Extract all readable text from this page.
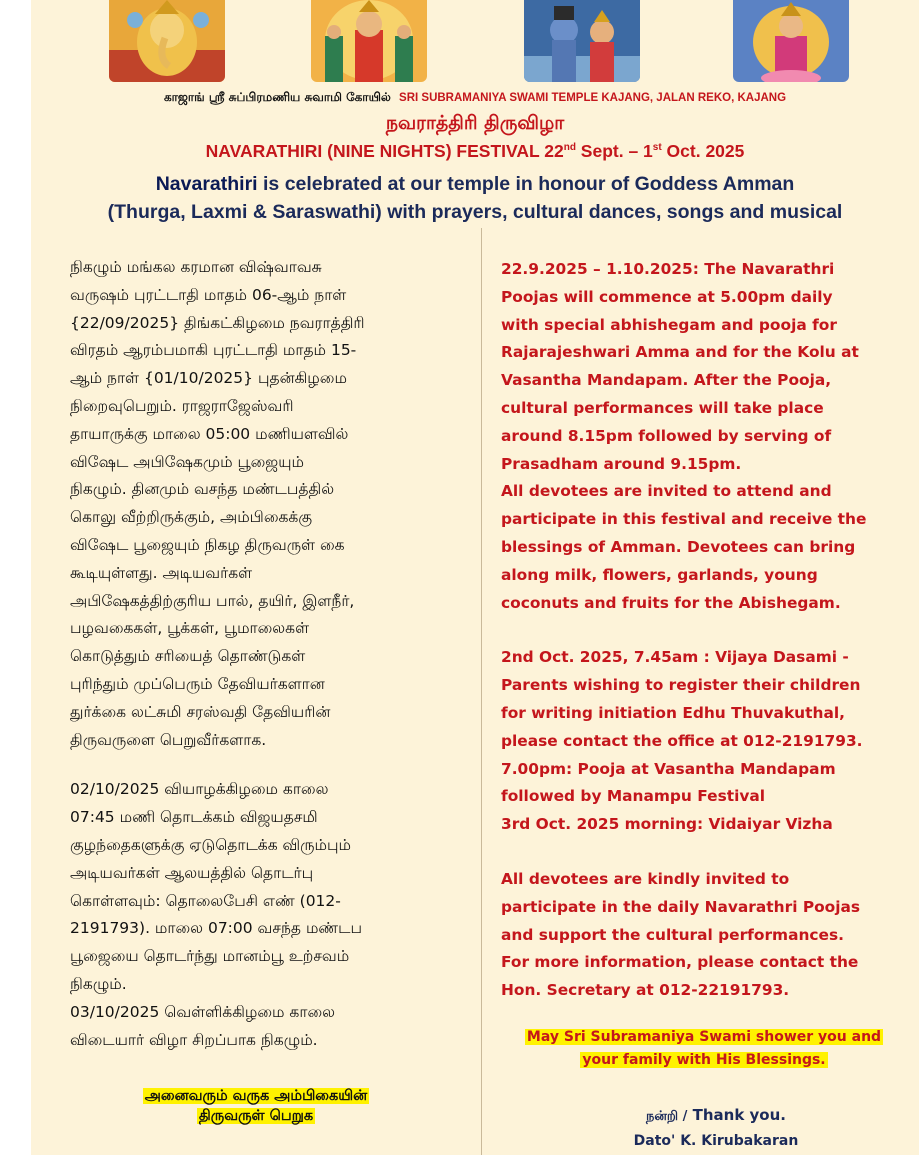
காஜாங் ஸ்ரீ சுப்பிரமணிய சுவாமி கோயில் SRI SUBRAMANIYA SWAMI TEMPLE KAJANG, JALAN REKO, KAJANG
நவராத்திரி திருவிழா
NAVARATHIRI (NINE NIGHTS) FESTIVAL 22nd Sept. – 1st Oct. 2025
Navarathiri is celebrated at our temple in honour of Goddess Amman
(Thurga, Laxmi & Saraswathi) with prayers, cultural dances, songs and musical

நிகழும் மங்கல கரமான விஷ்வாவசு

வருஷம் புரட்டாதி மாதம் 06-ஆம் நாள்

{22/09/2025} திங்கட்கிழமை நவராத்திரி

விரதம் ஆரம்பமாகி புரட்டாதி மாதம் 15-

ஆம் நாள் {01/10/2025} புதன்கிழமை

நிறைவுபெறும். ராஜராஜேஸ்வரி

தாயாருக்கு மாலை 05:00 மணியளவில்

விஷேட அபிஷேகமும் பூஜையும்

நிகழும். தினமும் வசந்த மண்டபத்தில்

கொலு வீற்றிருக்கும், அம்பிகைக்கு

விஷேட பூஜையும் நிகழ திருவருள் கை

கூடியுள்ளது. அடியவர்கள்

அபிஷேகத்திற்குரிய பால், தயிர், இளநீர்,

பழவகைகள், பூக்கள், பூமாலைகள்

கொடுத்தும் சரியைத் தொண்டுகள்

புரிந்தும் முப்பெரும் தேவியர்களான

துர்க்கை லட்சுமி சரஸ்வதி தேவியரின்

திருவருளை பெறுவீர்களாக.

02/10/2025 வியாழக்கிழமை காலை

07:45 மணி தொடக்கம் விஜயதசமி

குழந்தைகளுக்கு ஏடுதொடக்க விரும்பும்

அடியவர்கள் ஆலயத்தில் தொடர்பு

கொள்ளவும்: தொலைபேசி எண் (012-

2191793). மாலை 07:00 வசந்த மண்டப

பூஜையை தொடர்ந்து மானம்பூ உற்சவம்

நிகழும்.

03/10/2025 வெள்ளிக்கிழமை காலை

விடையார் விழா சிறப்பாக நிகழும்.

அனைவரும் வருக அம்பிகையின்
திருவருள் பெறுக

22.9.2025 – 1.10.2025: The Navarathri

Poojas will commence at 5.00pm daily

with special abhishegam and pooja for

Rajarajeshwari Amma and for the Kolu at

Vasantha Mandapam. After the Pooja,

cultural performances will take place

around 8.15pm followed by serving of

Prasadham around 9.15pm.

All devotees are invited to attend and

participate in this festival and receive the

blessings of Amman. Devotees can bring

along milk, flowers, garlands, young

coconuts and fruits for the Abishegam.

2nd Oct. 2025, 7.45am : Vijaya Dasami -

Parents wishing to register their children

for writing initiation Edhu Thuvakuthal,

please contact the office at 012-2191793.

7.00pm: Pooja at Vasantha Mandapam

followed by Manampu Festival

3rd Oct. 2025 morning: Vidaiyar Vizha

All devotees are kindly invited to

participate in the daily Navarathri Poojas

and support the cultural performances.

For more information, please contact the

Hon. Secretary at 012-22191793.

May Sri Subramaniya Swami shower you and
your family with His Blessings.
நன்றி / Thank you.
Dato' K. Kirubakaran
